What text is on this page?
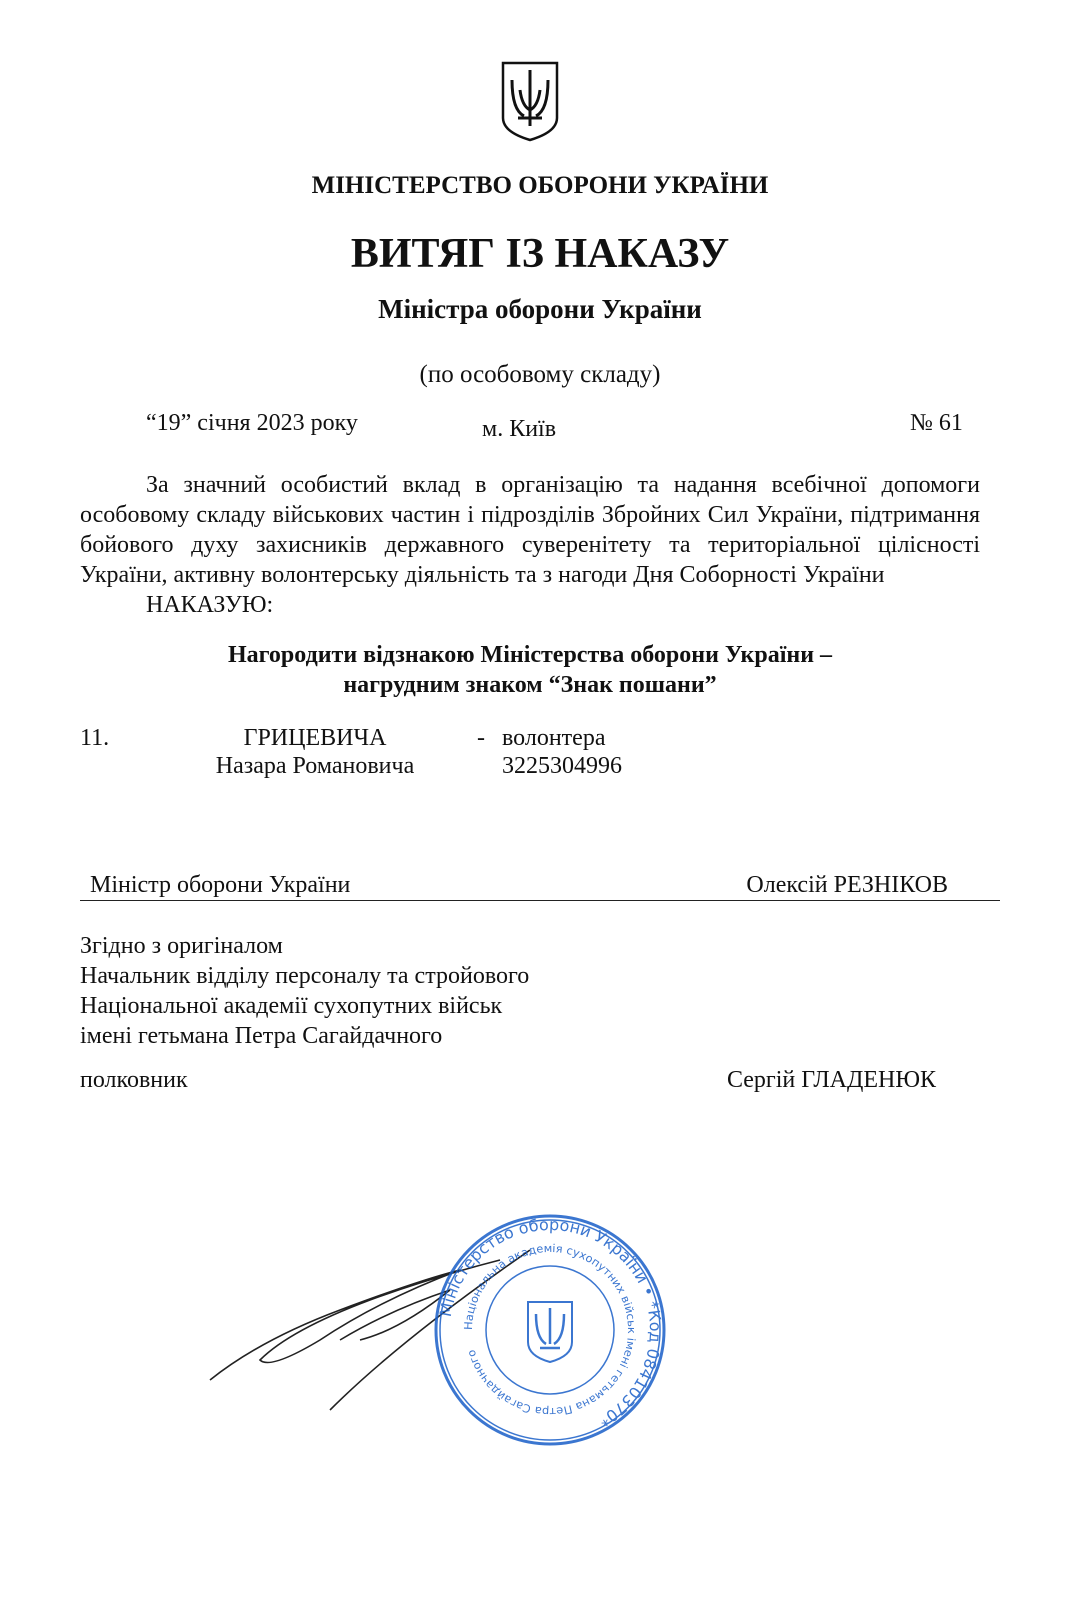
МІНІСТЕРСТВО ОБОРОНИ УКРАЇНИ
ВИТЯГ ІЗ НАКАЗУ
Міністра оборони України
(по особовому складу)
“19” січня 2023 року	м. Київ	№ 61

За значний особистий вклад в організацію та надання всебічної допомоги особовому складу військових частин і підрозділів Збройних Сил України, підтримання бойового духу захисників державного суверенітету та територіальної цілісності України, активну волонтерську діяльність та з нагоди Дня Соборності України

НАКАЗУЮ:
Нагородити відзнакою Міністерства оборони України –
нагрудним знаком “Знак пошани”
11.	ГРИЦЕВИЧА
Назара Романовича
- волонтера
3225304996
Міністр оборони України	Олексій РЕЗНІКОВ
Згідно з оригіналом
Начальник відділу персоналу та стройового
Національної академії сухопутних військ
імені гетьмана Петра Сагайдачного
полковник	Сергій ГЛАДЕНЮК
Міністерство оборони України • *Код 08410370*
Національна академія сухопутних військ імені гетьмана Петра Сагайдачного
